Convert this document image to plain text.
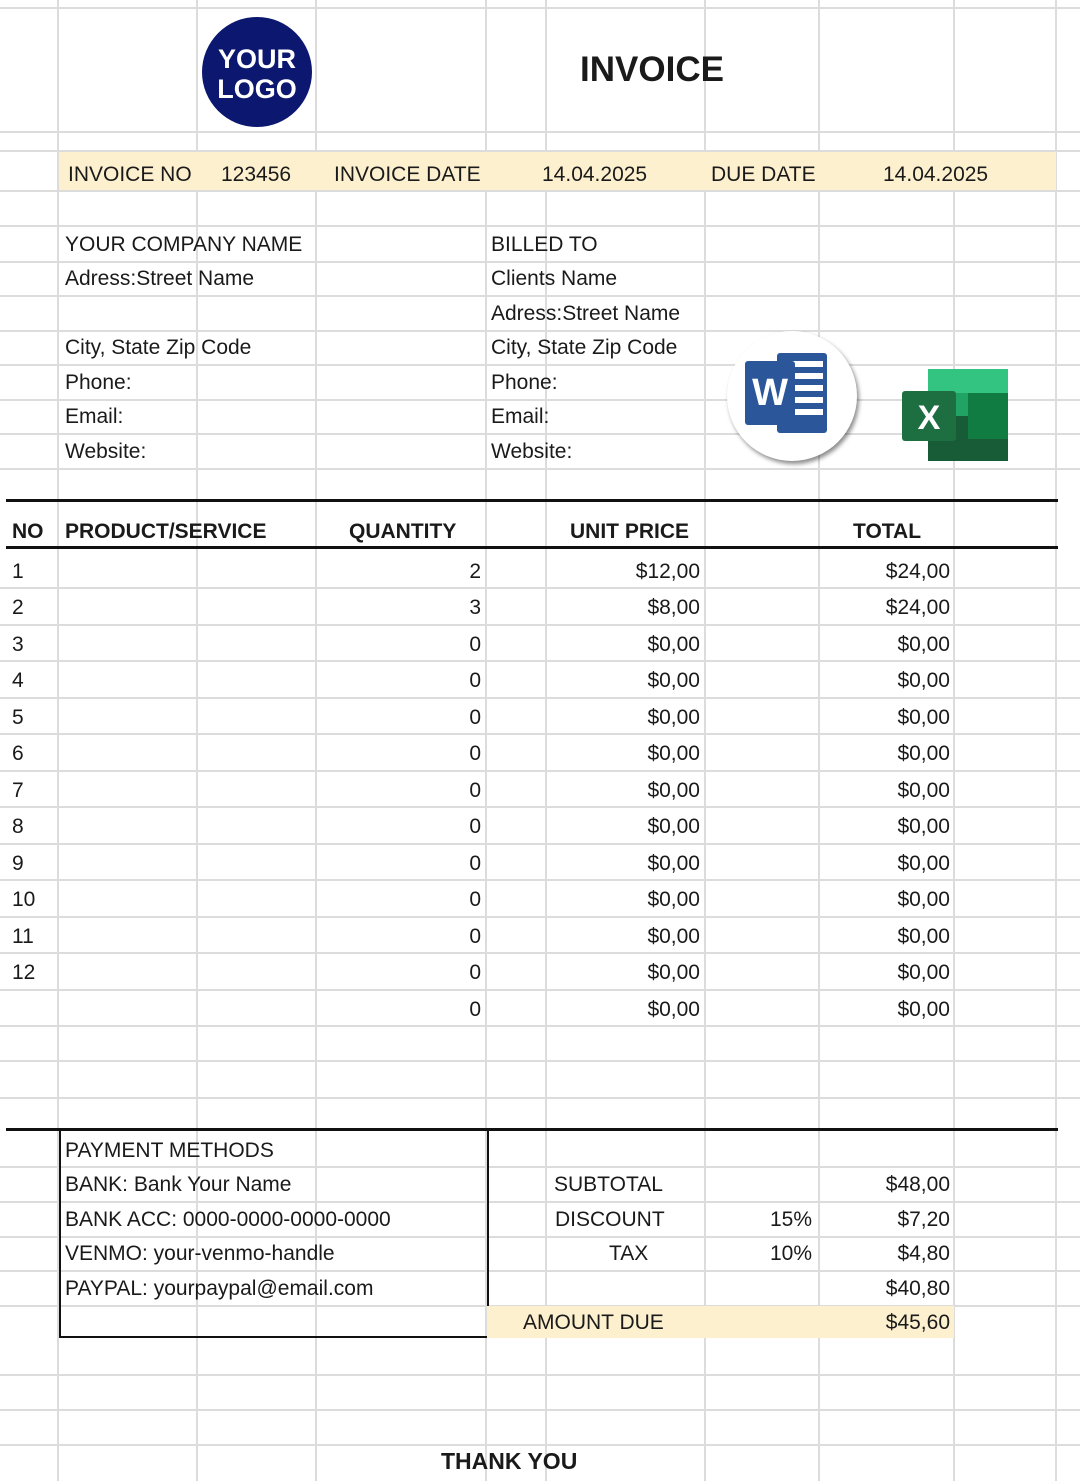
YOUR
LOGO	INVOICE
INVOICE NO 123456 INVOICE DATE	14.04.2025	DUE DATE	14.04.2025
YOUR COMPANY NAME
Adress:Street Name
City, State Zip Code
Phone:
Email:
Website:
BILLED TO
Clients Name
Adress:Street Name
City, State Zip Code
Phone:
Email:
Website:
W
X
NO PRODUCT/SERVICE	QUANTITY	UNIT PRICE	TOTAL
1	2	$12,00	$24,00
2	3	$8,00	$24,00
3	0	$0,00	$0,00
4	0	$0,00	$0,00
5	0	$0,00	$0,00
6	0	$0,00	$0,00
7	0	$0,00	$0,00
8	0	$0,00	$0,00
9	0	$0,00	$0,00
10	0	$0,00	$0,00
11	0	$0,00	$0,00
12	0	$0,00	$0,00
0	$0,00	$0,00
PAYMENT METHODS
BANK: Bank Your Name
BANK ACC: 0000-0000-0000-0000
VENMO: your-venmo-handle
PAYPAL: yourpaypal@email.com
SUBTOTAL	$48,00
DISCOUNT	15%	$7,20
TAX	10%	$4,80
$40,80
AMOUNT DUE	$45,60
THANK YOU
